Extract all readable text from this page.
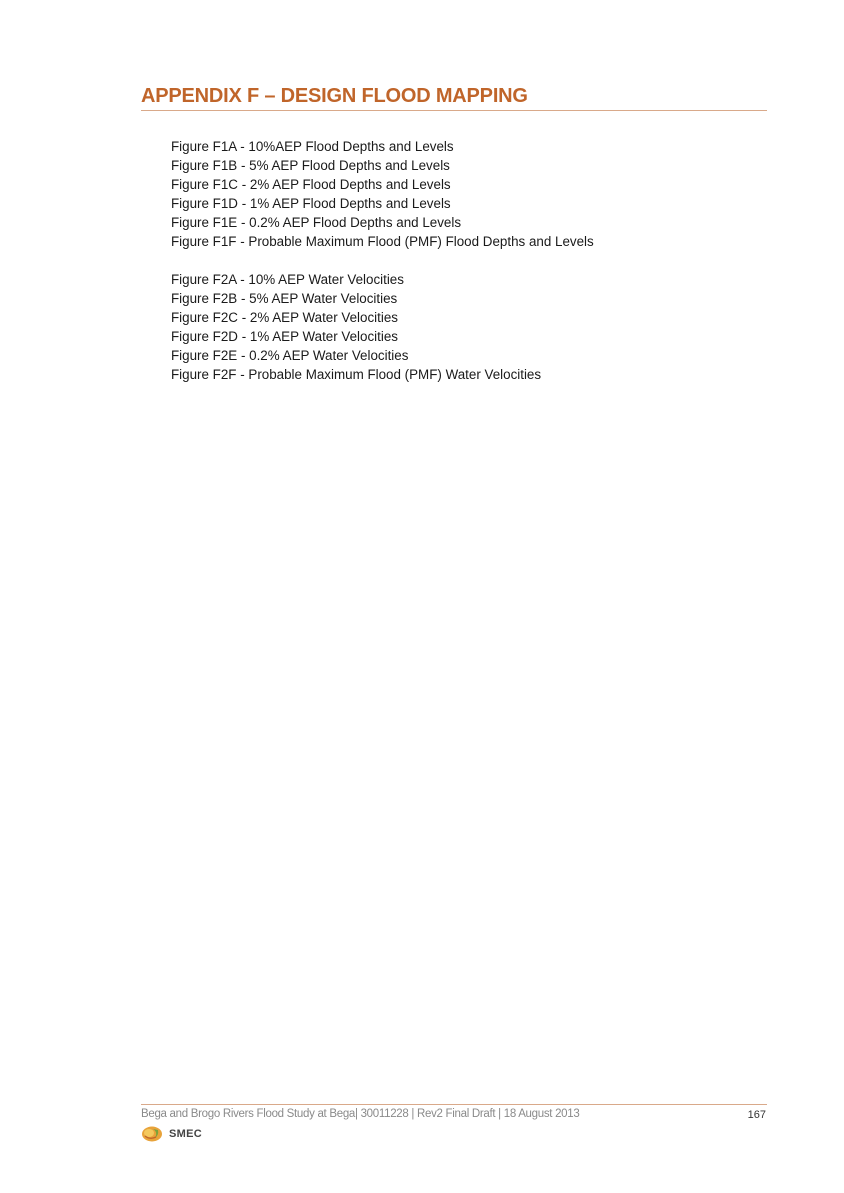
APPENDIX F – DESIGN FLOOD MAPPING
Figure F1A - 10%AEP Flood Depths and Levels
Figure F1B - 5% AEP Flood Depths and Levels
Figure F1C - 2% AEP Flood Depths and Levels
Figure F1D - 1% AEP Flood Depths and Levels
Figure F1E - 0.2% AEP Flood Depths and Levels
Figure F1F - Probable Maximum Flood (PMF) Flood Depths and Levels
Figure F2A - 10% AEP Water Velocities
Figure F2B - 5% AEP Water Velocities
Figure F2C - 2% AEP Water Velocities
Figure F2D - 1% AEP Water Velocities
Figure F2E - 0.2% AEP Water Velocities
Figure F2F - Probable Maximum Flood (PMF) Water Velocities
Bega and Brogo Rivers Flood Study at Bega| 30011228 | Rev2 Final Draft | 18 August 2013	167
SMEC
